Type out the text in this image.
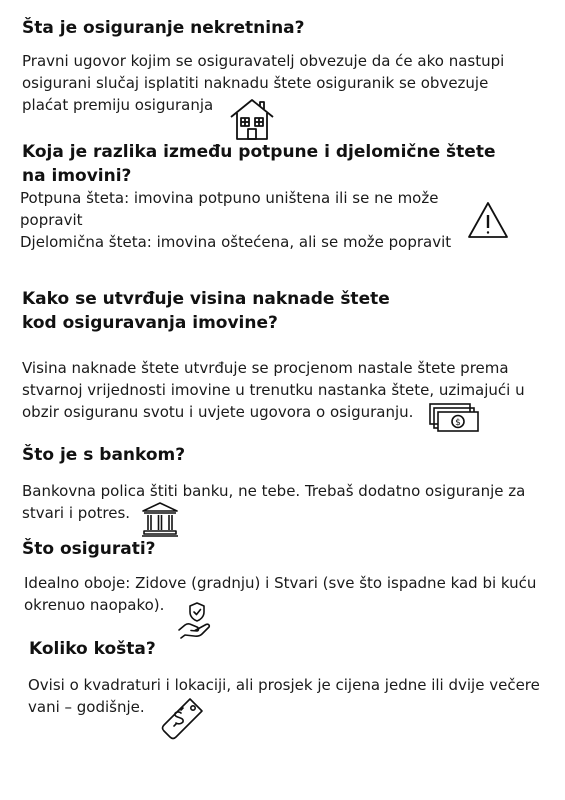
Šta je osiguranje nekretnina?

Pravni ugovor kojim se osiguravatelj obvezuje da će ako nastupi osigurani slučaj isplatiti naknadu štete osiguranik se obvezuje plaćat premiju osiguranja

Koja je razlika između potpune i djelomične štete na imovini?

Potpuna šteta: imovina potpuno uništena ili se ne može popravit

Djelomična šteta: imovina oštećena, ali se može popravit

Kako se utvrđuje visina naknade štete kod osiguravanja imovine?

Visina naknade štete utvrđuje se procjenom nastale štete prema stvarnoj vrijednosti imovine u trenutku nastanka štete, uzimajući u obzir osiguranu svotu i uvjete ugovora o osiguranju.

$
Što je s bankom?

Bankovna polica štiti banku, ne tebe. Trebaš dodatno osiguranje za stvari i potres.

Što osigurati?

Idealno oboje: Zidove (gradnju) i Stvari (sve što ispadne kad bi kuću okrenuo naopako).

Koliko košta?

Ovisi o kvadraturi i lokaciji, ali prosjek je cijena jedne ili dvije večere vani – godišnje.
